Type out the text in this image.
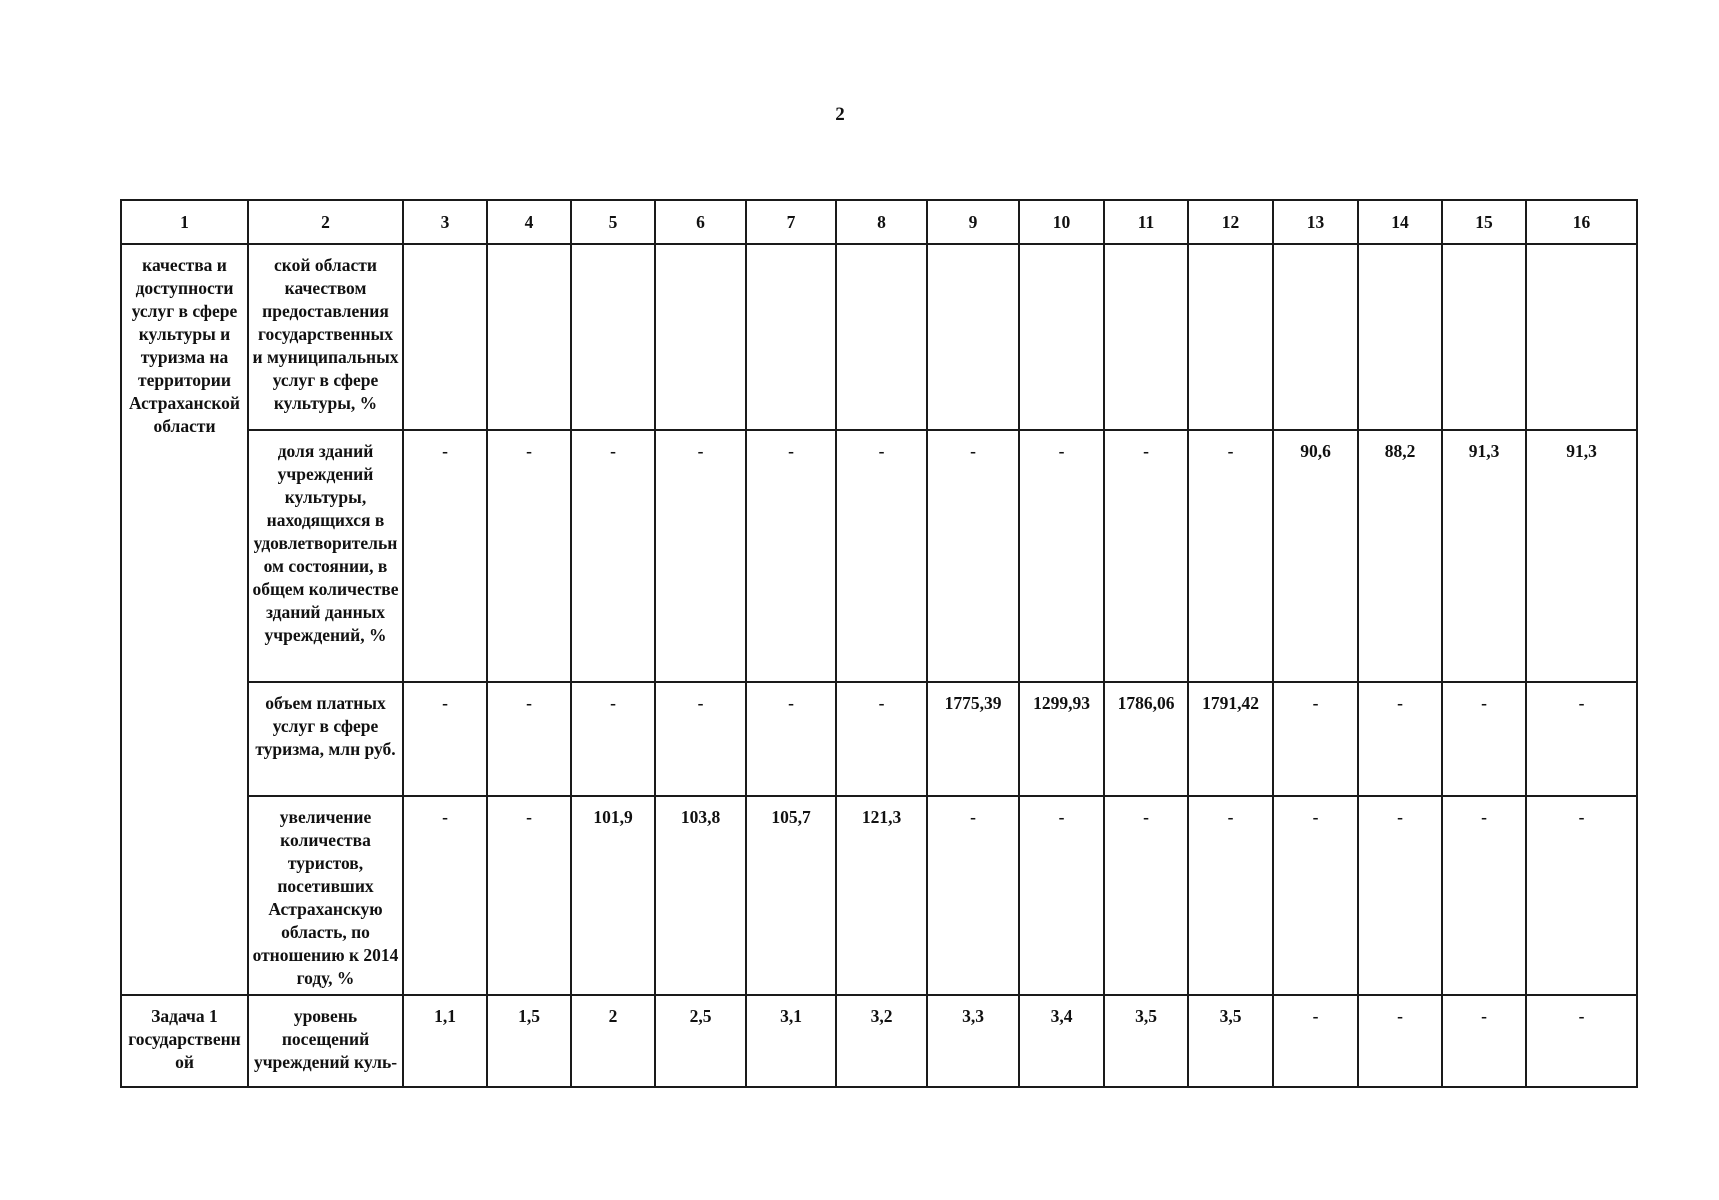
2
1	2	3	4	5	6	7	8	9	10	11	12	13	14	15	16
качества и доступности услуг в сфере культуры и туризма на территории Астраханской области	ской области качеством предоставления государственных и муниципальных услуг в сфере культуры, %														
	доля зданий учреждений культуры, находящихся в удовлетворительном состоянии, в общем количестве зданий данных учреждений, %	-	-	-	-	-	-	-	-	-	-	90,6	88,2	91,3	91,3
	объем платных услуг в сфере туризма, млн руб.	-	-	-	-	-	-	1775,39	1299,93	1786,06	1791,42	-	-	-	-
	увеличение количества туристов, посетивших Астраханскую область, по отношению к 2014 году, %	-	-	101,9	103,8	105,7	121,3	-	-	-	-	-	-	-	-
Задача 1 государственной	уровень посещений учреждений куль-	1,1	1,5	2	2,5	3,1	3,2	3,3	3,4	3,5	3,5	-	-	-	-
